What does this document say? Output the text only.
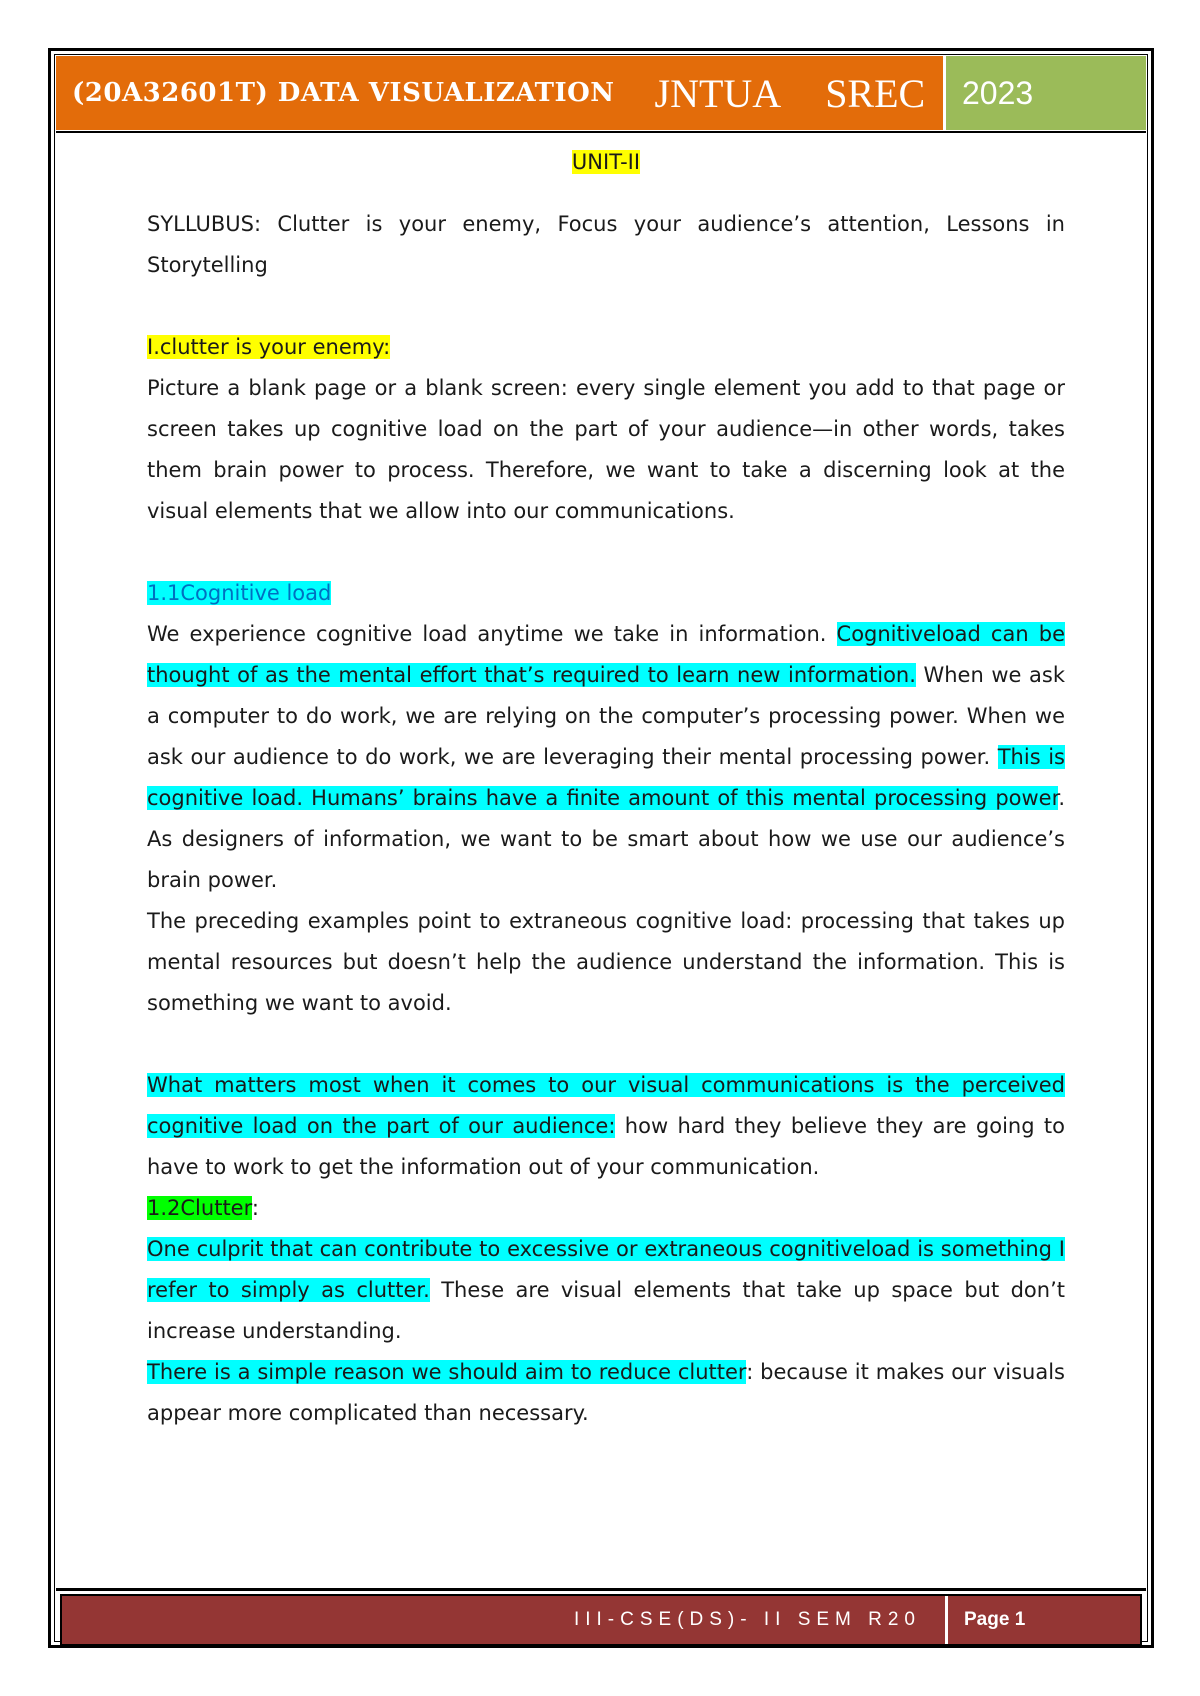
(20A32601T) DATA VISUALIZATION JNTUA SREC 2023
UNIT-II

SYLLUBUS: Clutter is your enemy, Focus your audience’s attention, Lessons in Storytelling

I.clutter is your enemy:

Picture a blank page or a blank screen: every single element you add to that page or screen takes up cognitive load on the part of your audience—in other words, takes them brain power to process. Therefore, we want to take a discerning look at the visual elements that we allow into our communications.

1.1Cognitive load

We experience cognitive load anytime we take in information. Cognitiveload can be thought of as the mental effort that’s required to learn new information. When we ask a computer to do work, we are relying on the computer’s processing power. When we ask our audience to do work, we are leveraging their mental processing power. This is cognitive load. Humans’ brains have a finite amount of this mental processing power. As designers of information, we want to be smart about how we use our audience’s brain power.

The preceding examples point to extraneous cognitive load: processing that takes up mental resources but doesn’t help the audience understand the information. This is something we want to avoid.

What matters most when it comes to our visual communications is the perceived cognitive load on the part of our audience: how hard they believe they are going to have to work to get the information out of your communication.

1.2Clutter:

One culprit that can contribute to excessive or extraneous cognitiveload is something I refer to simply as clutter. These are visual elements that take up space but don’t increase understanding.

There is a simple reason we should aim to reduce clutter: because it makes our visuals appear more complicated than necessary.

III-CSE(DS)- II SEM R20 Page 1
